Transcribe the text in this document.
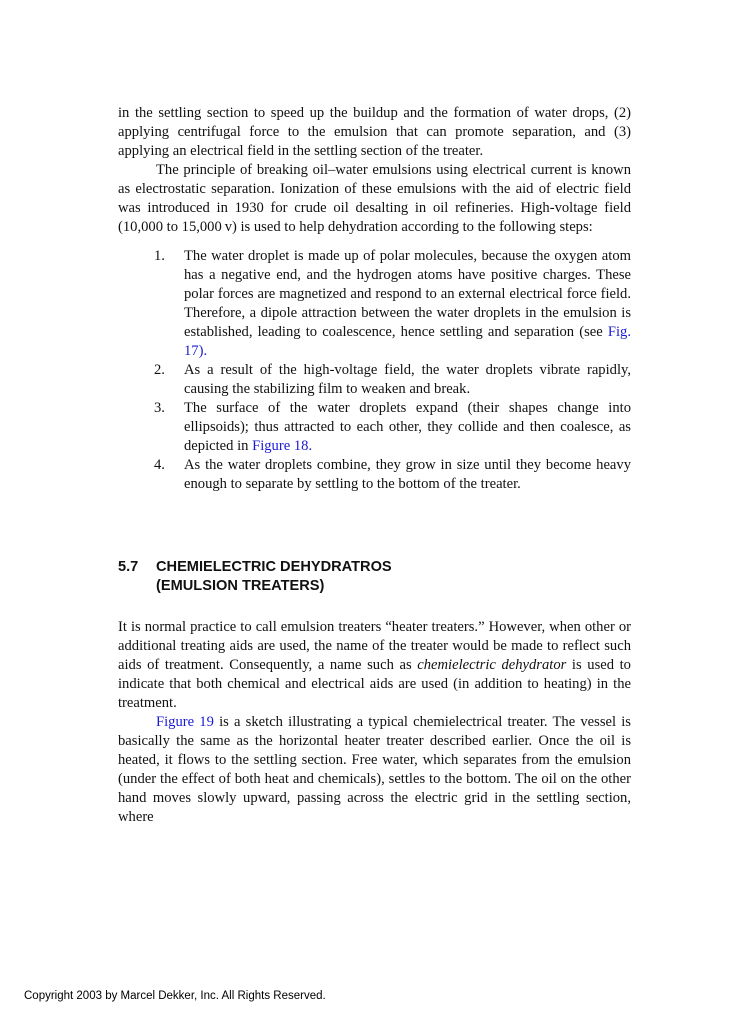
in the settling section to speed up the buildup and the formation of water drops, (2) applying centrifugal force to the emulsion that can promote separation, and (3) applying an electrical field in the settling section of the treater.

The principle of breaking oil–water emulsions using electrical current is known as electrostatic separation. Ionization of these emulsions with the aid of electric field was introduced in 1930 for crude oil desalting in oil refineries. High-voltage field (10,000 to 15,000 v) is used to help dehydration according to the following steps:

1. The water droplet is made up of polar molecules, because the oxygen atom has a negative end, and the hydrogen atoms have positive charges. These polar forces are magnetized and respond to an external electrical force field. Therefore, a dipole attraction between the water droplets in the emulsion is established, leading to coalescence, hence settling and separation (see Fig. 17).
2. As a result of the high-voltage field, the water droplets vibrate rapidly, causing the stabilizing film to weaken and break.
3. The surface of the water droplets expand (their shapes change into ellipsoids); thus attracted to each other, they collide and then coalesce, as depicted in Figure 18.
4. As the water droplets combine, they grow in size until they become heavy enough to separate by settling to the bottom of the treater.
5.7	CHEMIELECTRIC DEHYDRATROS
(EMULSION TREATERS)

It is normal practice to call emulsion treaters “heater treaters.” However, when other or additional treating aids are used, the name of the treater would be made to reflect such aids of treatment. Consequently, a name such as chemielectric dehydrator is used to indicate that both chemical and electrical aids are used (in addition to heating) in the treatment.

Figure 19 is a sketch illustrating a typical chemielectrical treater. The vessel is basically the same as the horizontal heater treater described earlier. Once the oil is heated, it flows to the settling section. Free water, which separates from the emulsion (under the effect of both heat and chemicals), settles to the bottom. The oil on the other hand moves slowly upward, passing across the electric grid in the settling section, where

Copyright 2003 by Marcel Dekker, Inc. All Rights Reserved.
